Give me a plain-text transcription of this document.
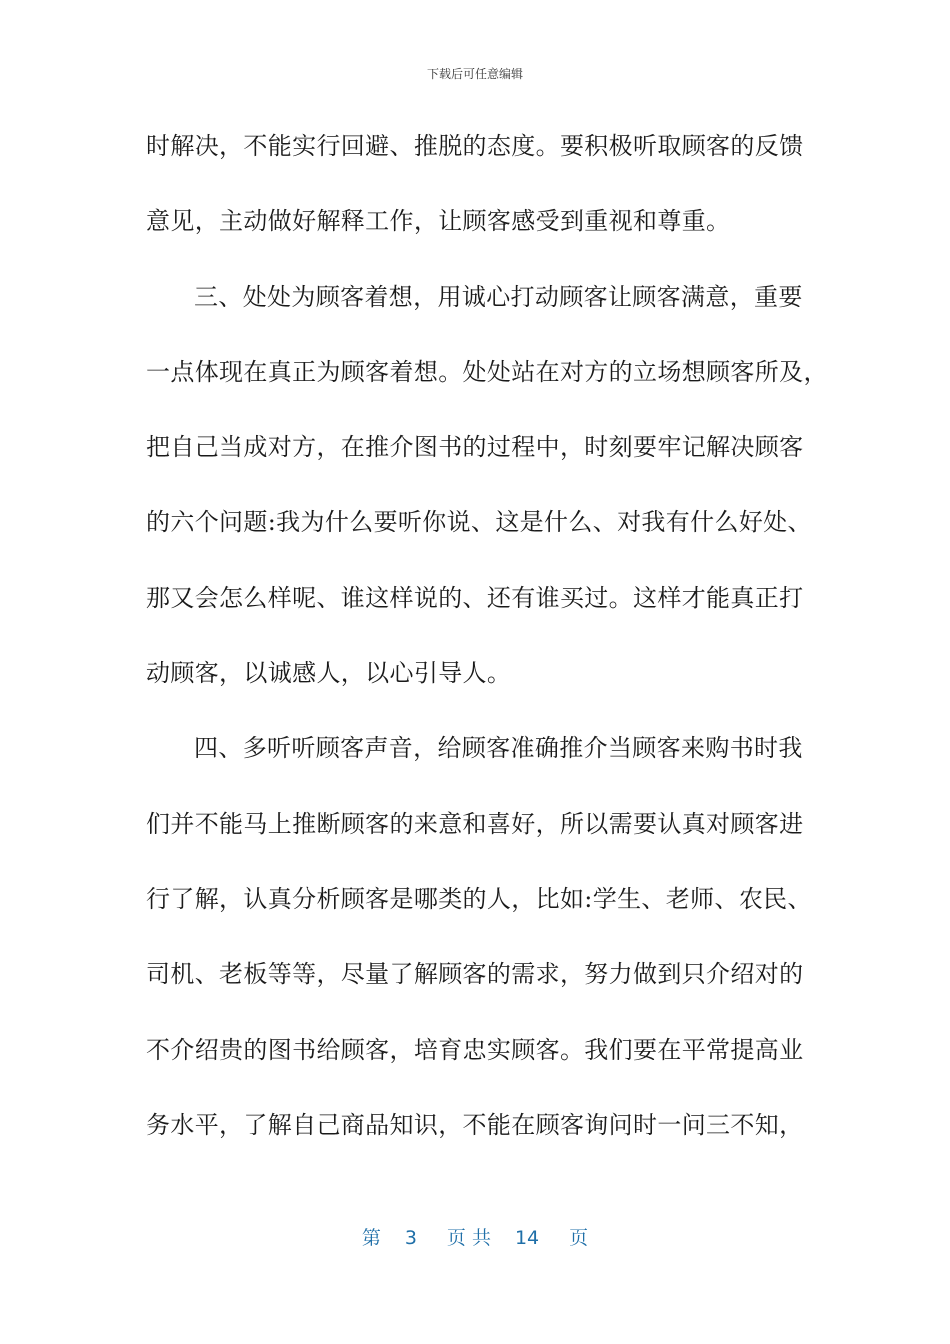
下载后可任意编辑
时解决，不能实行回避、推脱的态度。要积极听取顾客的反馈
意见，主动做好解释工作，让顾客感受到重视和尊重。
三、处处为顾客着想，用诚心打动顾客让顾客满意，重要
一点体现在真正为顾客着想。处处站在对方的立场想顾客所及，
把自己当成对方，在推介图书的过程中，时刻要牢记解决顾客
的六个问题:我为什么要听你说、这是什么、对我有什么好处、
那又会怎么样呢、谁这样说的、还有谁买过。这样才能真正打
动顾客，以诚感人，以心引导人。
四、多听听顾客声音，给顾客准确推介当顾客来购书时我
们并不能马上推断顾客的来意和喜好，所以需要认真对顾客进
行了解，认真分析顾客是哪类的人，比如:学生、老师、农民、
司机、老板等等，尽量了解顾客的需求，努力做到只介绍对的
不介绍贵的图书给顾客，培育忠实顾客。我们要在平常提高业
务水平，了解自己商品知识，不能在顾客询问时一问三不知，
第 3 页 共 14 页
